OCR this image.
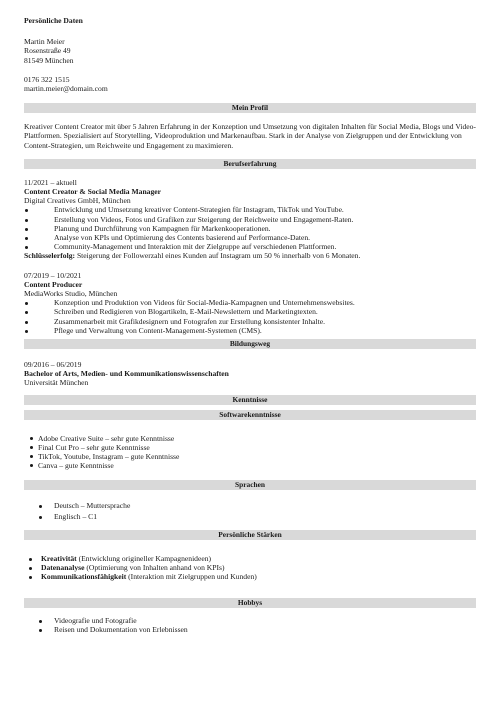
Persönliche Daten
Martin Meier
Rosenstraße 49
81549 München
0176 322 1515
martin.meier@domain.com
Mein Profil
Kreativer Content Creator mit über 5 Jahren Erfahrung in der Konzeption und Umsetzung von digitalen Inhalten für Social Media, Blogs und Video-Plattformen. Spezialisiert auf Storytelling, Videoproduktion und Markenaufbau. Stark in der Analyse von Zielgruppen und der Entwicklung von Content-Strategien, um Reichweite und Engagement zu maximieren.
Berufserfahrung
11/2021 – aktuell
Content Creator & Social Media Manager
Digital Creatives GmbH, München
Entwicklung und Umsetzung kreativer Content-Strategien für Instagram, TikTok und YouTube.
Erstellung von Videos, Fotos und Grafiken zur Steigerung der Reichweite und Engagement-Raten.
Planung und Durchführung von Kampagnen für Markenkooperationen.
Analyse von KPIs und Optimierung des Contents basierend auf Performance-Daten.
Community-Management und Interaktion mit der Zielgruppe auf verschiedenen Plattformen.
Schlüsselerfolg: Steigerung der Followerzahl eines Kunden auf Instagram um 50 % innerhalb von 6 Monaten.
07/2019 – 10/2021
Content Producer
MediaWorks Studio, München
Konzeption und Produktion von Videos für Social-Media-Kampagnen und Unternehmenswebsites.
Schreiben und Redigieren von Blogartikeln, E-Mail-Newslettern und Marketingtexten.
Zusammenarbeit mit Grafikdesignern und Fotografen zur Erstellung konsistenter Inhalte.
Pflege und Verwaltung von Content-Management-Systemen (CMS).
Bildungsweg
09/2016 – 06/2019
Bachelor of Arts, Medien- und Kommunikationswissenschaften
Universität München
Kenntnisse
Softwarekenntnisse
Adobe Creative Suite – sehr gute Kenntnisse
Final Cut Pro – sehr gute Kenntnisse
TikTok, Youtube, Instagram – gute Kenntnisse
Canva – gute Kenntnisse
Sprachen
Deutsch – Muttersprache
Englisch – C1
Persönliche Stärken
Kreativität (Entwicklung origineller Kampagnenideen)
Datenanalyse (Optimierung von Inhalten anhand von KPIs)
Kommunikationsfähigkeit (Interaktion mit Zielgruppen und Kunden)
Hobbys
Videografie und Fotografie
Reisen und Dokumentation von Erlebnissen
